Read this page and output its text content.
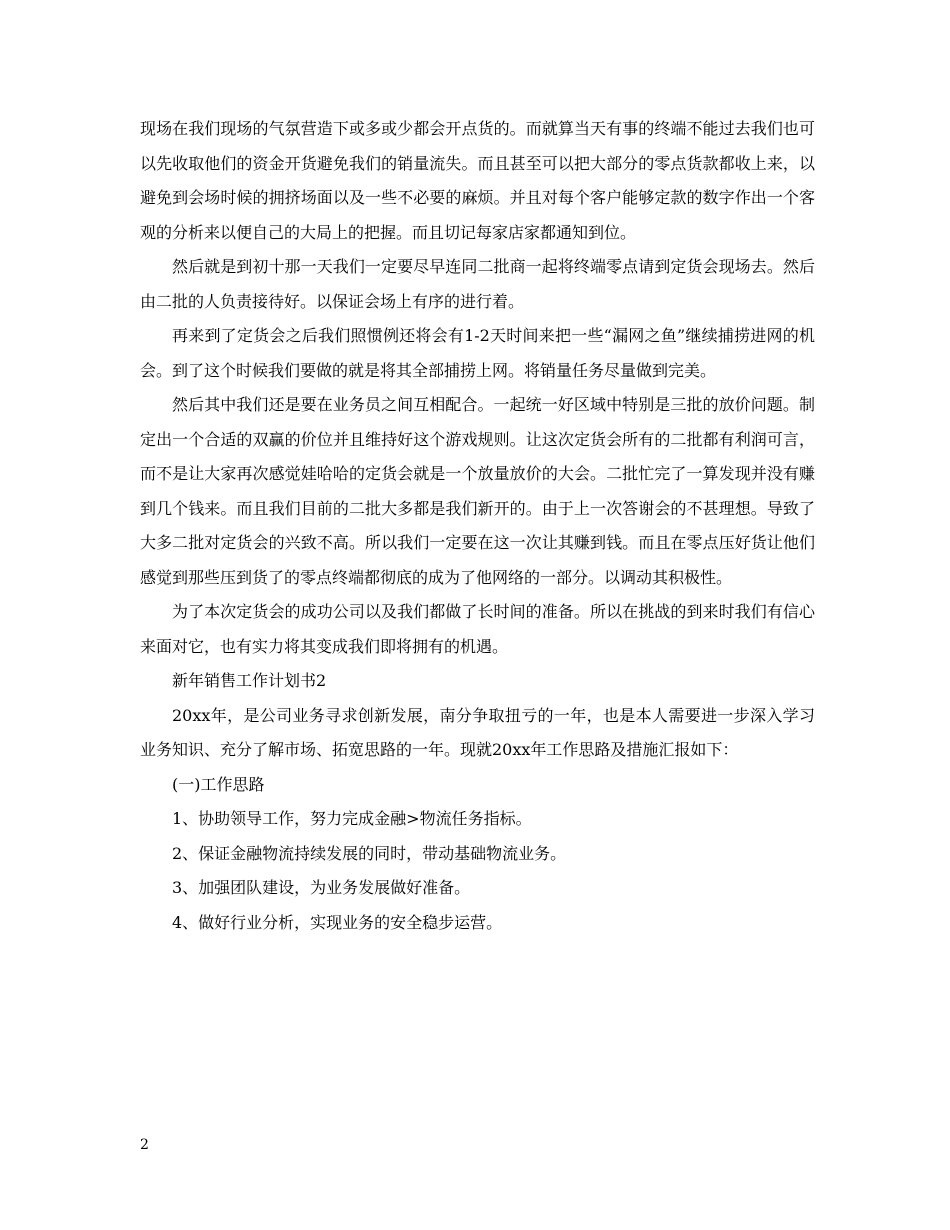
现场在我们现场的气氛营造下或多或少都会开点货的。而就算当天有事的终端不能过去我们也可以先收取他们的资金开货避免我们的销量流失。而且甚至可以把大部分的零点货款都收上来，以避免到会场时候的拥挤场面以及一些不必要的麻烦。并且对每个客户能够定款的数字作出一个客观的分析来以便自己的大局上的把握。而且切记每家店家都通知到位。

然后就是到初十那一天我们一定要尽早连同二批商一起将终端零点请到定货会现场去。然后由二批的人负责接待好。以保证会场上有序的进行着。

再来到了定货会之后我们照惯例还将会有1-2天时间来把一些“漏网之鱼”继续捕捞进网的机会。到了这个时候我们要做的就是将其全部捕捞上网。将销量任务尽量做到完美。

然后其中我们还是要在业务员之间互相配合。一起统一好区域中特别是三批的放价问题。制定出一个合适的双赢的价位并且维持好这个游戏规则。让这次定货会所有的二批都有利润可言，而不是让大家再次感觉娃哈哈的定货会就是一个放量放价的大会。二批忙完了一算发现并没有赚到几个钱来。而且我们目前的二批大多都是我们新开的。由于上一次答谢会的不甚理想。导致了大多二批对定货会的兴致不高。所以我们一定要在这一次让其赚到钱。而且在零点压好货让他们感觉到那些压到货了的零点终端都彻底的成为了他网络的一部分。以调动其积极性。

为了本次定货会的成功公司以及我们都做了长时间的准备。所以在挑战的到来时我们有信心来面对它，也有实力将其变成我们即将拥有的机遇。

新年销售工作计划书2

20xx年，是公司业务寻求创新发展，南分争取扭亏的一年，也是本人需要进一步深入学习业务知识、充分了解市场、拓宽思路的一年。现就20xx年工作思路及措施汇报如下：

(一)工作思路

1、协助领导工作，努力完成金融>物流任务指标。

2、保证金融物流持续发展的同时，带动基础物流业务。

3、加强团队建设，为业务发展做好准备。

4、做好行业分析，实现业务的安全稳步运营。

2
